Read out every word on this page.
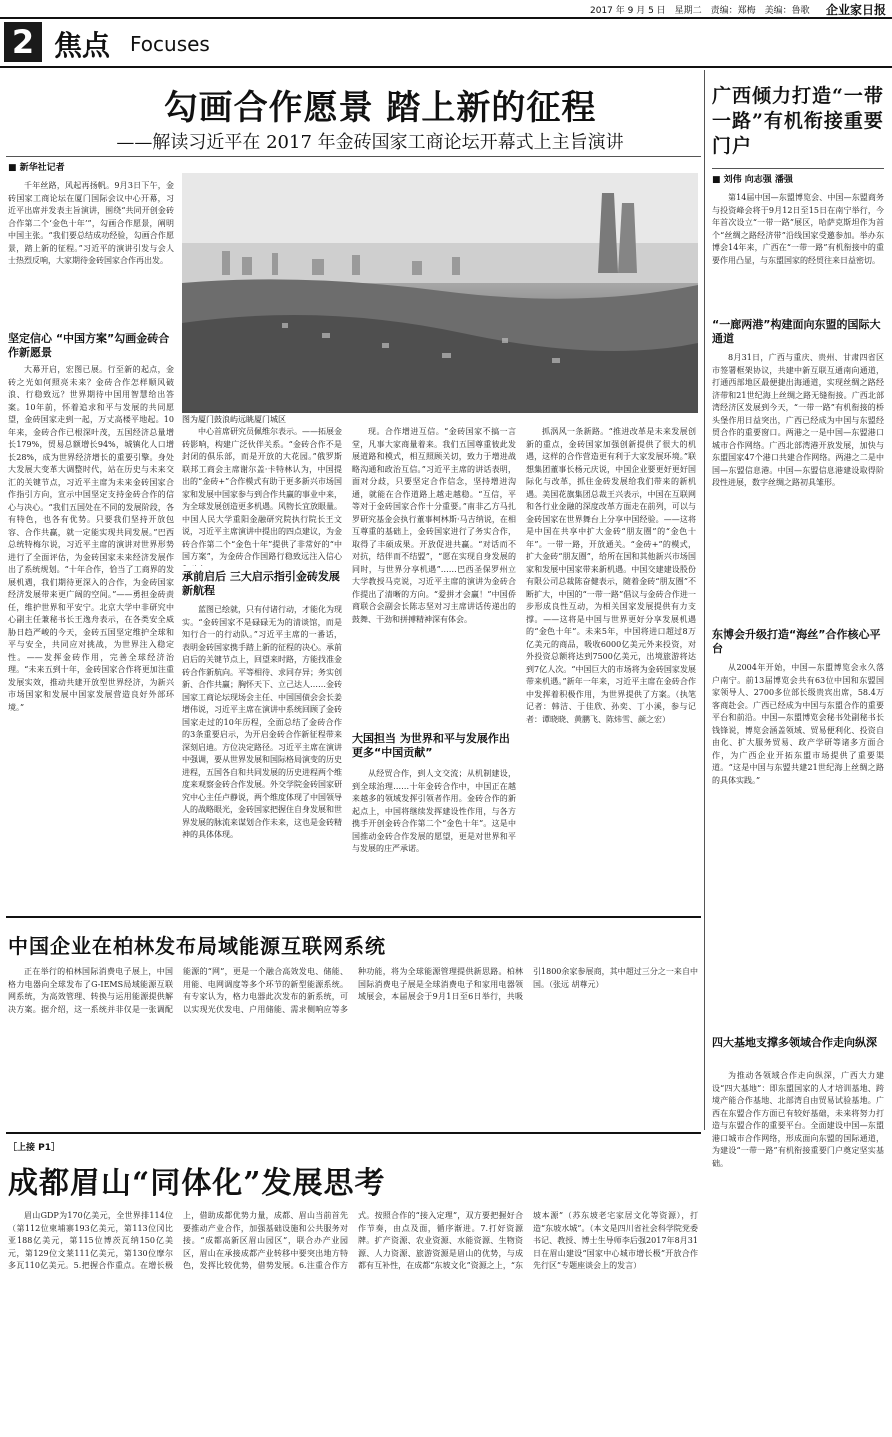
2017 年 9 月 5 日　星期二　责编：郑梅　美编：鲁歌 企业家日报
2 焦点 Focuses
勾画合作愿景 踏上新的征程
——解读习近平在 2017 年金砖国家工商论坛开幕式上主旨演讲
■ 新华社记者
图为厦门鼓浪屿远眺厦门城区

千年丝路，风起再扬帆。9月3日下午，金砖国家工商论坛在厦门国际会议中心开幕，习近平出席并发表主旨演讲，围绕“共同开创金砖合作第二个‘金色十年’”，勾画合作愿景，阐明中国主张。“我们要总结成功经验，勾画合作愿景，踏上新的征程。”习近平的演讲引发与会人士热烈反响，大家期待金砖国家合作再出发。

坚定信心 “中国方案”勾画金砖合作新愿景

大幕开启，宏图已展。行至新的起点，金砖之光如何照亮未来？金砖合作怎样顺风破浪、行稳致远？世界期待中国用智慧给出答案。10年前，怀着追求和平与发展的共同愿望，金砖国家走到一起，万丈高楼平地起。10年来，金砖合作已根深叶茂，五国经济总量增长179%，贸易总额增长94%，城镇化人口增长28%，成为世界经济增长的重要引擎。身处大发展大变革大调整时代，站在历史与未来交汇的关键节点，习近平主席为未来金砖国家合作指引方向，宣示中国坚定支持金砖合作的信心与决心。“我们五国处在不同的发展阶段，各有特色，也各有优势。只要我们坚持开放包容、合作共赢，就一定能实现共同发展。”巴西总统特梅尔说，习近平主席的演讲对世界形势进行了全面评估，为金砖国家未来经济发展作出了系统规划。“十年合作，恰当了工商界的发展机遇，我们期待更深入的合作，为金砖国家经济发展带来更广阔的空间。”——勇担金砖责任，维护世界和平安宁。北京大学中非研究中心副主任兼秘书长王逸舟表示，在各类安全威胁日趋严峻的今天，金砖五国坚定维护全球和平与安全，共同应对挑战，为世界注入稳定性。——发挥金砖作用，完善全球经济治理。“未来五到十年，金砖国家合作将更加注重发展实效，推动共建开放型世界经济，为新兴市场国家和发展中国家发展营造良好外部环境。”

中心首席研究员佩维尔表示。——拓展金砖影响，构建广泛伙伴关系。“金砖合作不是封闭的俱乐部，而是开放的大花园。”俄罗斯联邦工商会主席谢尔盖·卡特林认为，中国提出的“金砖+”合作模式有助于更多新兴市场国家和发展中国家参与到合作共赢的事业中来，为全球发展创造更多机遇。风物长宜放眼量。中国人民大学重阳金融研究院执行院长王文说，习近平主席演讲中提出的四点建议，为金砖合作第二个“金色十年”提供了非常好的“中国方案”，为金砖合作国路行稳致远注入信心

承前启后 三大启示指引金砖发展新航程

蓝图已绘就，只有付诸行动，才能化为现实。“金砖国家不是碌碌无为的清谈馆，而是知行合一的行动队。”习近平主席的一番话，表明金砖国家携手踏上新的征程的决心。承前启后的关键节点上，回望来时路，方能找准金砖合作新航向。平等相待、求同存异；务实创新、合作共赢；胸怀天下、立己达人……金砖国家工商论坛现场会主任、中国国债会会长姜增伟说，习近平主席在演讲中系统回顾了金砖国家走过的10年历程，全面总结了金砖合作的3条重要启示，为开启金砖合作新征程带来深刻启迪。方位决定路径。习近平主席在演讲中强调，要从世界发展和国际格局演变的历史进程，五国各自和共同发展的历史进程两个维度来观察金砖合作发展。外交学院金砖国家研究中心主任卢静说，两个维度体现了中国领导人的战略眼光，金砖国家把握住自身发展和世界发展的脉流来谋划合作未来，这也是金砖精神的具体体现。

现。合作增进互信。“金砖国家不搞一言堂，凡事大家商量着来。我们五国尊重彼此发展道路和模式，相互照顾关切，致力于增进战略沟通和政治互信。”习近平主席的讲话表明，面对分歧，只要坚定合作信念，坚持增进沟通，就能在合作道路上越走越稳。“互信，平等对于金砖国家合作十分重要。”南非乙方马扎罗研究基金会执行董事柯林斯·马吉纳说，在相互尊重的基础上，金砖国家进行了务实合作，取得了丰硕成果。开放促进共赢。“对话而不对抗，结伴而不结盟”，“愿在实现自身发展的同时，与世界分享机遇”……巴西圣保罗州立大学教授马克说，习近平主席的演讲为金砖合作提出了清晰的方向。“爱拼才会赢！”中国侨商联合会副会长陈志坚对习主席讲话传递出的鼓舞、干劲和拼搏精神深有体会。

大国担当 为世界和平与发展作出更多“中国贡献”

从经贸合作，到人文交流；从机制建设，到全球治理……十年金砖合作中，中国正在越来越多的领域发挥引领者作用。金砖合作的新起点上，中国将继续发挥建设性作用，与各方携手开创金砖合作第二个“金色十年”。这是中国推动金砖合作发展的愿望，更是对世界和平与发展的庄严承诺。

抓涡风一条新路。“推进改革是未来发展创新的重点，金砖国家加强创新提供了很大的机遇，这样的合作营造更有利于大家发展环境。”联想集团董事长杨元庆说，中国企业要更好更好国际化与改革，抓住金砖发展给我们带来的新机遇。美国花旗集团总裁王兴表示，中国在互联网和各行业金融的深度改革方面走在前列，可以与金砖国家在世界舞台上分享中国经验。——这将是中国在共享中扩大金砖“朋友圈”的“金色十年”。一带一路，开放通关。“金砖+”的模式，扩大金砖“朋友圈”，给所在国和其他新兴市场国家和发展中国家带来新机遇。中国交建建设股份有限公司总裁陈奋健表示，随着金砖“朋友圈”不断扩大，中国的“一带一路”倡议与金砖合作进一步形成良性互动，为相关国家发展提供有力支撑。——这将是中国与世界更好分享发展机遇的“金色十年”。未来5年，中国将进口超过8万亿美元的商品，吸收6000亿美元外来投资，对外投资总额将达到7500亿美元，出境旅游将达到7亿人次。“中国巨大的市场将为金砖国家发展带来机遇。”新年一年来，习近平主席在金砖合作中发挥着积极作用，为世界提供了方案。（执笔记者：韩洁、于佳欣、孙奕、丁小溪，参与记者：谭晓晓、黄鹏飞、陈炜雪、颜之宏）

广西倾力打造“一带一路”有机衔接重要门户
■ 刘伟 向志强 潘强

第14届中国—东盟博览会、中国—东盟商务与投资峰会将于9月12日至15日在南宁举行，今年首次设立“一带一路”展区，哈萨克斯坦作为首个“丝绸之路经济带”沿线国家受邀参加。举办东博会14年来，广西在“一带一路”有机衔接中的重要作用凸显，与东盟国家的经贸往来日益密切。

“一廊两港”构建面向东盟的国际大通道

8月31日，广西与重庆、贵州、甘肃四省区市签署框架协议，共建中新互联互通南向通道，打通西部地区最便捷出海通道，实现丝绸之路经济带和21世纪海上丝绸之路无缝衔接。广西北部湾经济区发展到今天，“一带一路”有机衔接的桥头堡作用日益突出，广西已经成为中国与东盟经贸合作的重要窗口。两港之一是中国—东盟港口城市合作网络。广西北部湾港开放发展，加快与东盟国家47个港口共建合作网络。两港之二是中国—东盟信息港。中国—东盟信息港建设取得阶段性进展，数字丝绸之路初具雏形。

东博会升级打造“海丝”合作核心平台

从2004年开始，中国—东盟博览会永久落户南宁。前13届博览会共有63位中国和东盟国家领导人、2700多位部长级贵宾出席，58.4万客商赴会。广西已经成为中国与东盟合作的重要平台和前沿。中国—东盟博览会秘书处副秘书长钱锋说，博览会涵盖领域、贸易便利化、投资自由化、扩大服务贸易、政产学研等诸多方面合作，为广西企业开拓东盟市场提供了重要渠道。“这是中国与东盟共建21世纪海上丝绸之路的具体实践。”

四大基地支撑多领域合作走向纵深

为推动各领域合作走向纵深，广西大力建设“四大基地”：即东盟国家的人才培训基地、跨境产能合作基地、北部湾自由贸易试验基地。广西在东盟合作方面已有较好基础，未来将努力打造与东盟合作的重要平台。全面建设中国—东盟港口城市合作网络，形成面向东盟的国际通道，为建设“一带一路”有机衔接重要门户奠定坚实基础。

中国企业在柏林发布局域能源互联网系统

正在举行的柏林国际消费电子展上，中国格力电器向全球发布了G-IEMS局域能源互联网系统，为高效管理、转换与运用能源提供解决方案。据介绍，这一系统并非仅是一张调配能源的“网”，更是一个融合高效发电、储能、用能、电网调度等多个环节的新型能源系统。有专家认为，格力电器此次发布的新系统，可以实现光伏发电、户用储能、需求侧响应等多种功能，将为全球能源管理提供新思路。柏林国际消费电子展是全球消费电子和家用电器领域展会，本届展会于9月1日至6日举行，共吸引1800余家参展商，其中超过三分之一来自中国。（张远 胡尊元）

［上接 P1］
成都眉山“同体化”发展思考

眉山GDP为170亿美元，全世界排114位（第112位柬埔寨193亿美元，第113位冈比亚188亿美元，第115位博茨瓦纳150亿美元，第129位文莱111亿美元，第130位摩尔多瓦110亿美元。5.把握合作重点。在增长极上，借助成都优势力量，成都、眉山当前首先要推动产业合作，加强基础设施和公共服务对接。“成都高新区眉山园区”，联合办产业园区，眉山在承接成都产业转移中要突出地方特色，发挥比较优势，借势发展。6.注重合作方式。按照合作的“接入定理”，双方要把握好合作节奏，由点及面，循序渐进。7.打好资源牌。扩产资源、农业资源、水能资源、生物资源、人力资源、旅游资源是眉山的优势，与成都有互补性，在成都“东坡文化”资源之上，“东坡本源”（苏东坡老宅家居文化等资源），打造“东坡水城”。（本文是四川省社会科学院党委书记、教授、博士生导师李后强2017年8月31日在眉山建设“国家中心城市增长极”开放合作先行区”专题座谈会上的发言）
